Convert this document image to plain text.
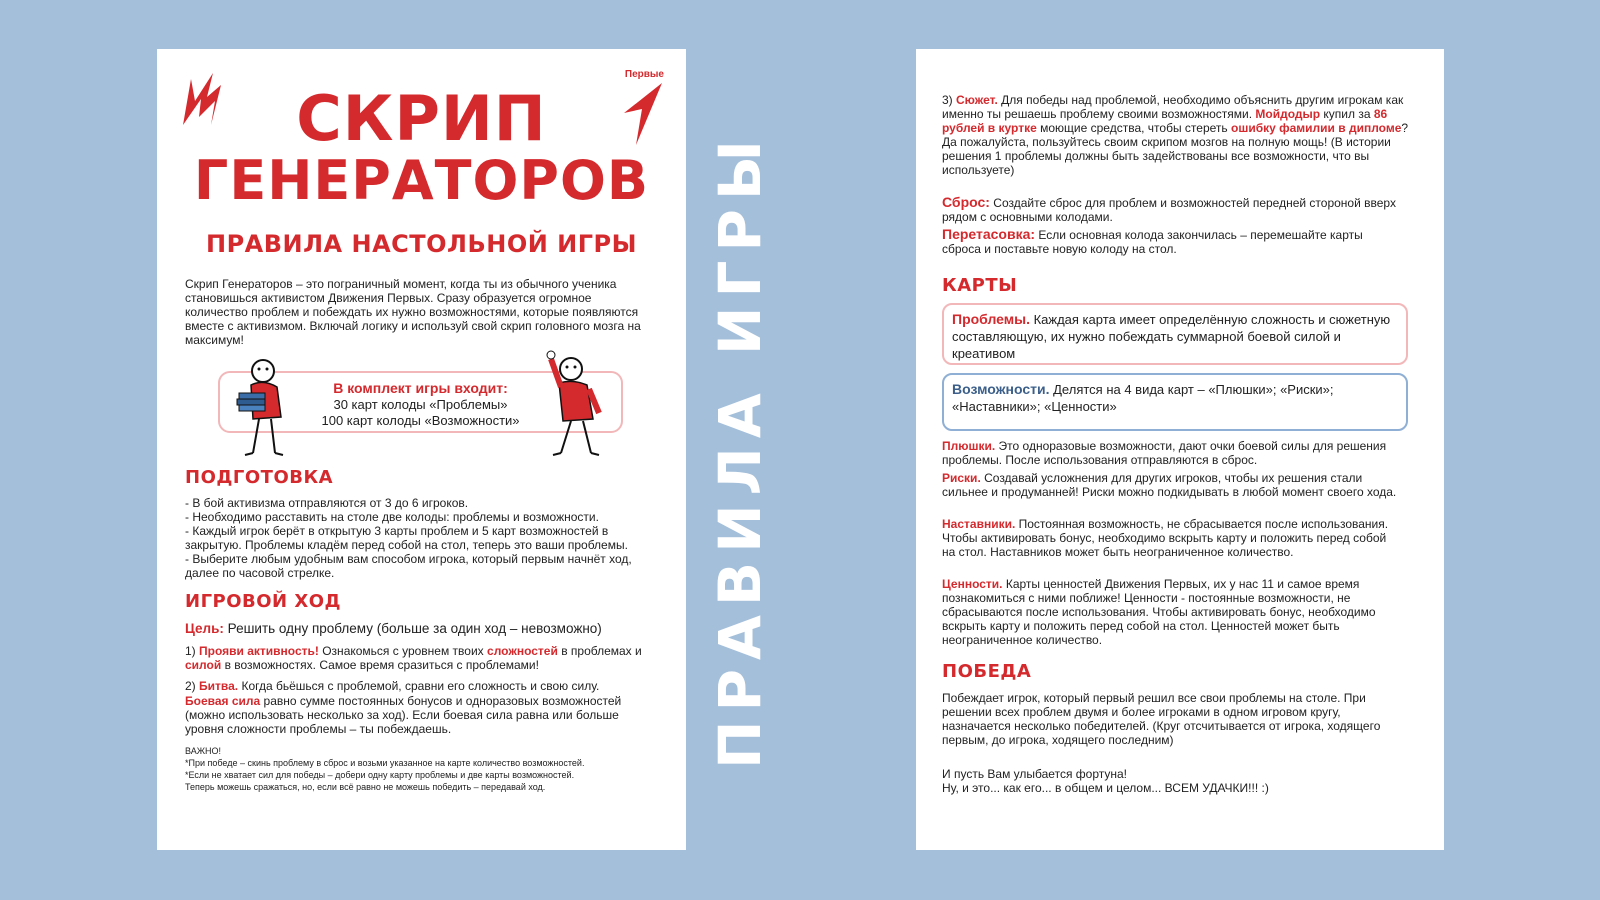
Первые
СКРИП
ГЕНЕРАТОРОВ
ПРАВИЛА НАСТОЛЬНОЙ ИГРЫ
Скрип Генераторов – это пограничный момент, когда ты из обычного ученика становишься активистом Движения Первых. Сразу образуется огромное количество проблем и побеждать их нужно возможностями, которые появляются вместе с активизмом. Включай логику и используй свой скрип головного мозга на максимум!
В комплект игры входит:
30 карт колоды «Проблемы»
100 карт колоды «Возможности»
ПОДГОТОВКА
- В бой активизма отправляются от 3 до 6 игроков.
- Необходимо расставить на столе две колоды: проблемы и возможности.
- Каждый игрок берёт в открытую 3 карты проблем и 5 карт возможностей в закрытую. Проблемы кладём перед собой на стол, теперь это ваши проблемы.
- Выберите любым удобным вам способом игрока, который первым начнёт ход, далее по часовой стрелке.
ИГРОВОЙ ХОД
Цель: Решить одну проблему (больше за один ход – невозможно)
1) Прояви активность! Ознакомься с уровнем твоих сложностей в проблемах и силой в возможностях. Самое время сразиться с проблемами!
2) Битва. Когда бьёшься с проблемой, сравни его сложность и свою силу.
Боевая сила равно сумме постоянных бонусов и одноразовых возможностей (можно использовать несколько за ход). Если боевая сила равна или больше уровня сложности проблемы – ты побеждаешь.
ВАЖНО!
*При победе – скинь проблему в сброс и возьми указанное на карте количество возможностей.
*Если не хватает сил для победы – добери одну карту проблемы и две карты возможностей.
Теперь можешь сражаться, но, если всё равно не можешь победить – передавай ход.
ПРАВИЛА ИГРЫ
3) Сюжет. Для победы над проблемой, необходимо объяснить другим игрокам как именно ты решаешь проблему своими возможностями. Мойдодыр купил за 86 рублей в куртке моющие средства, чтобы стереть ошибку фамилии в дипломе? Да пожалуйста, пользуйтесь своим скрипом мозгов на полную мощь! (В истории решения 1 проблемы должны быть задействованы все возможности, что вы используете)
Сброс: Создайте сброс для проблем и возможностей передней стороной вверх рядом с основными колодами.
Перетасовка: Если основная колода закончилась – перемешайте карты сброса и поставьте новую колоду на стол.
КАРТЫ
Проблемы. Каждая карта имеет определённую сложность и сюжетную составляющую, их нужно побеждать суммарной боевой силой и креативом
Возможности. Делятся на 4 вида карт – «Плюшки»; «Риски»; «Наставники»; «Ценности»
Плюшки. Это одноразовые возможности, дают очки боевой силы для решения проблемы. После использования отправляются в сброс.
Риски. Создавай усложнения для других игроков, чтобы их решения стали сильнее и продуманней! Риски можно подкидывать в любой момент своего хода.
Наставники. Постоянная возможность, не сбрасывается после использования. Чтобы активировать бонус, необходимо вскрыть карту и положить перед собой на стол. Наставников может быть неограниченное количество.
Ценности. Карты ценностей Движения Первых, их у нас 11 и самое время познакомиться с ними поближе! Ценности - постоянные возможности, не сбрасываются после использования. Чтобы активировать бонус, необходимо вскрыть карту и положить перед собой на стол. Ценностей может быть неограниченное количество.
ПОБЕДА
Побеждает игрок, который первый решил все свои проблемы на столе. При решении всех проблем двумя и более игроками в одном игровом кругу, назначается несколько победителей. (Круг отсчитывается от игрока, ходящего первым, до игрока, ходящего последним)
И пусть Вам улыбается фортуна!
Ну, и это... как его... в общем и целом... ВСЕМ УДАЧКИ!!! :)
